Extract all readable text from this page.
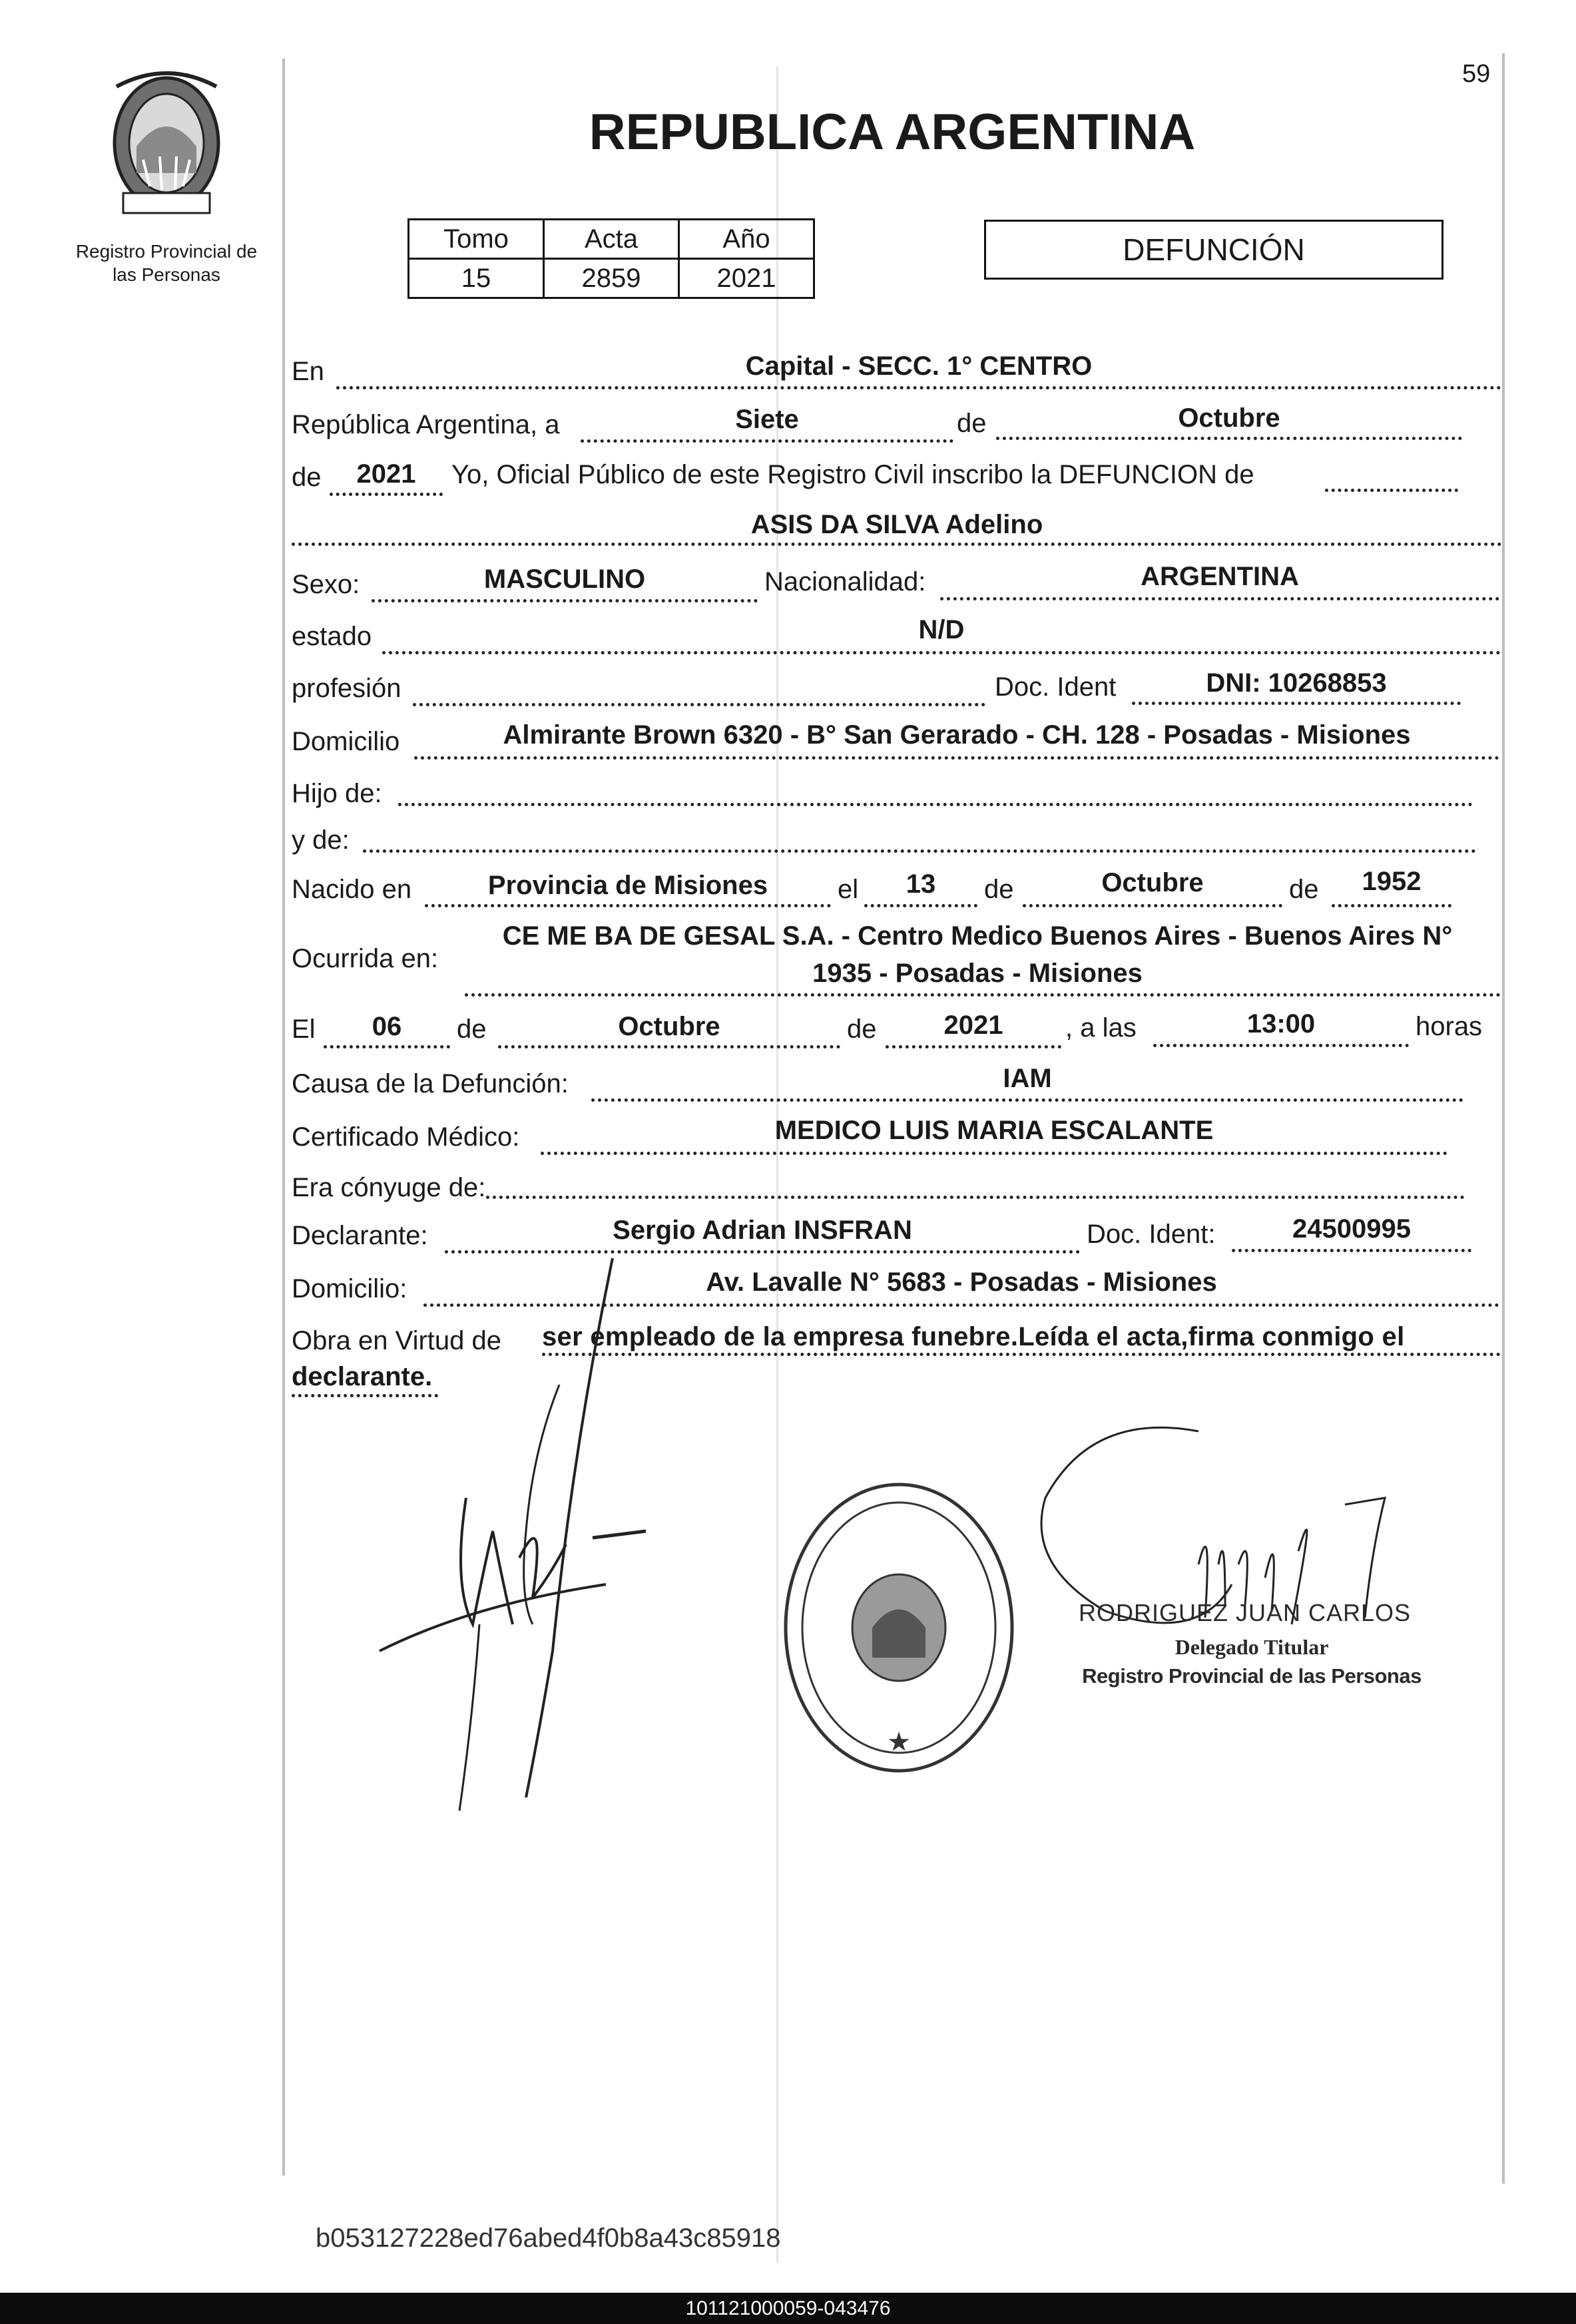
59
Registro Provincial de
las Personas
REPUBLICA ARGENTINA
Tomo	Acta	Año
15	2859	2021
DEFUNCIÓN
En	Capital - SECC. 1° CENTRO
República Argentina, a	Siete	de	Octubre
de	2021	Yo, Oficial Público de este Registro Civil inscribo la DEFUNCION de
ASIS DA SILVA Adelino
Sexo:	MASCULINO	Nacionalidad:	ARGENTINA
estado	N/D
profesión	Doc. Ident	DNI: 10268853
Domicilio	Almirante Brown 6320 - B° San Gerarado - CH. 128 - Posadas - Misiones
Hijo de:
y de:
Nacido en	Provincia de Misiones	el	13	de	Octubre	de	1952
Ocurrida en:
CE ME BA DE GESAL S.A. - Centro Medico Buenos Aires - Buenos Aires N°
1935 - Posadas - Misiones
El	06	de	Octubre	de	2021	, a las	13:00	horas
Causa de la Defunción:	IAM
Certificado Médico:	MEDICO LUIS MARIA ESCALANTE
Era cónyuge de:
Declarante:	Sergio Adrian INSFRAN	Doc. Ident:	24500995
Domicilio:	Av. Lavalle N° 5683 - Posadas - Misiones
Obra en Virtud de ser empleado de la empresa funebre.Leída el acta,firma conmigo el
declarante.
★
RODRIGUEZ JUAN CARLOS
Delegado Titular
Registro Provincial de las Personas
b053127228ed76abed4f0b8a43c85918
101121000059-043476
